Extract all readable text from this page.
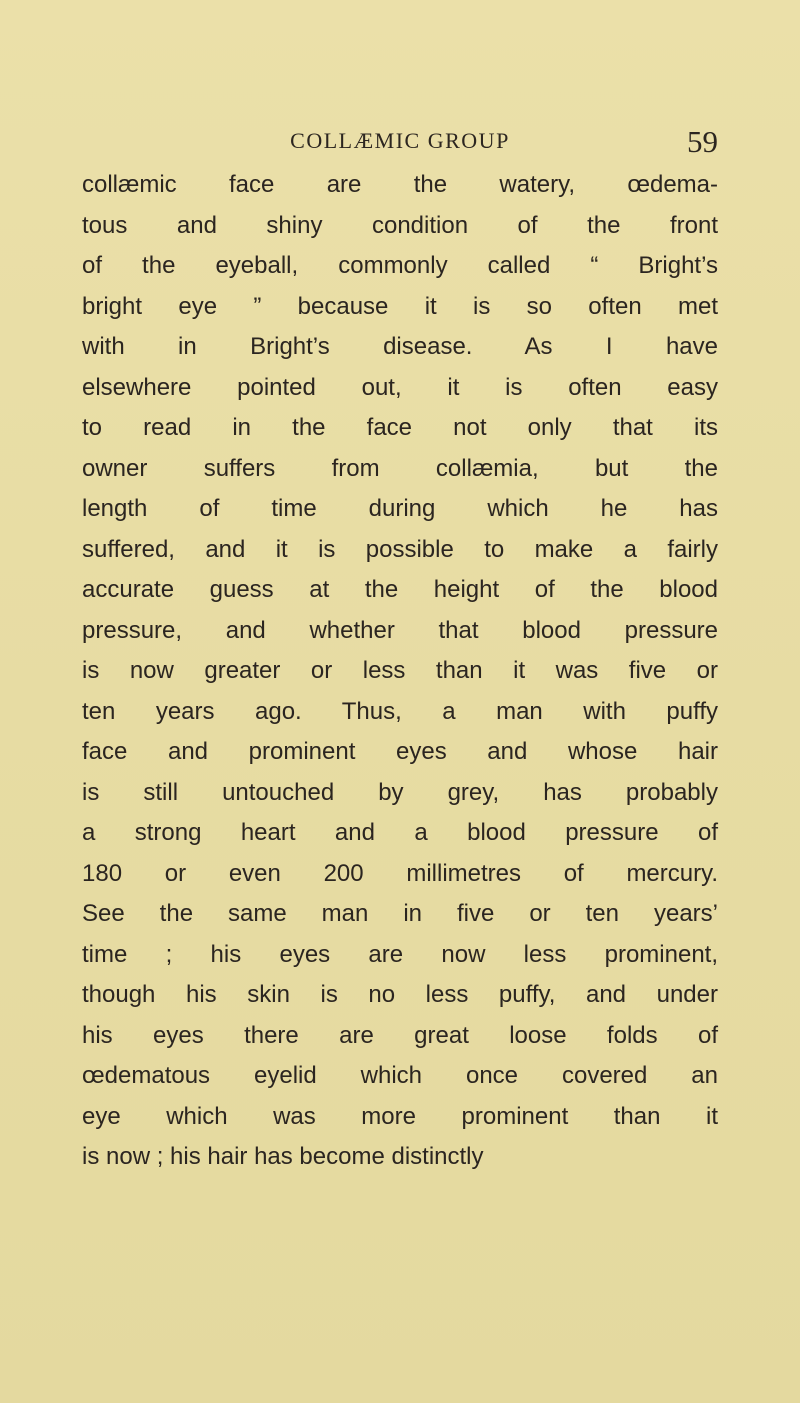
COLLÆMIC GROUP	59
collæmic face are the watery, œdema-
tous and shiny condition of the front
of the eyeball, commonly called “ Bright’s
bright eye ” because it is so often met
with in Bright’s disease. As I have
elsewhere pointed out, it is often easy
to read in the face not only that its
owner suffers from collæmia, but the
length of time during which he has
suffered, and it is possible to make a fairly
accurate guess at the height of the blood
pressure, and whether that blood pressure
is now greater or less than it was five or
ten years ago. Thus, a man with puffy
face and prominent eyes and whose hair
is still untouched by grey, has probably
a strong heart and a blood pressure of
180 or even 200 millimetres of mercury.
See the same man in five or ten years’
time ; his eyes are now less prominent,
though his skin is no less puffy, and under
his eyes there are great loose folds of
œdematous eyelid which once covered an
eye which was more prominent than it
is now ; his hair has become distinctly
